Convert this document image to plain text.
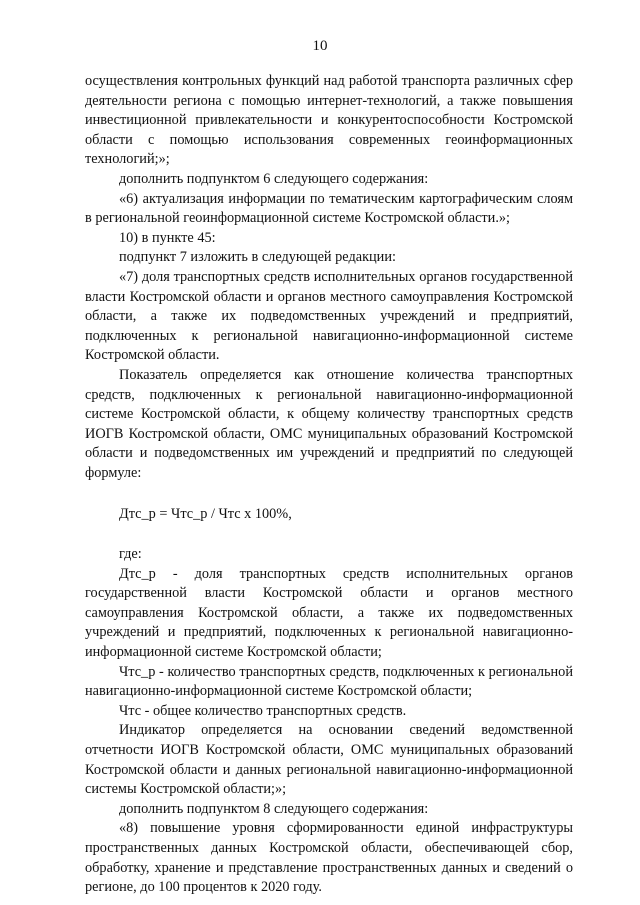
10

осуществления контрольных функций над работой транспорта различных сфер деятельности региона с помощью интернет-технологий, а также повышения инвестиционной привлекательности и конкурентоспособности Костромской области с помощью использования современных геоинформационных технологий;»;

дополнить подпунктом 6 следующего содержания:

«6) актуализация информации по тематическим картографическим слоям в региональной геоинформационной системе Костромской области.»;

10) в пункте 45:

подпункт 7 изложить в следующей редакции:

«7) доля транспортных средств исполнительных органов государственной власти Костромской области и органов местного самоуправления Костромской области, а также их подведомственных учреждений и предприятий, подключенных к региональной навигационно-информационной системе Костромской области.

Показатель определяется как отношение количества транспортных средств, подключенных к региональной навигационно-информационной системе Костромской области, к общему количеству транспортных средств ИОГВ Костромской области, ОМС муниципальных образований Костромской области и подведомственных им учреждений и предприятий по следующей формуле:

Дтс_р = Чтс_р / Чтс х 100%,

где:

Дтс_р - доля транспортных средств исполнительных органов государственной власти Костромской области и органов местного самоуправления Костромской области, а также их подведомственных учреждений и предприятий, подключенных к региональной навигационно-информационной системе Костромской области;

Чтс_р - количество транспортных средств, подключенных к региональной навигационно-информационной системе Костромской области;

Чтс - общее количество транспортных средств.

Индикатор определяется на основании сведений ведомственной отчетности ИОГВ Костромской области, ОМС муниципальных образований Костромской области и данных региональной навигационно-информационной системы Костромской области;»;

дополнить подпунктом 8 следующего содержания:

«8) повышение уровня сформированности единой инфраструктуры пространственных данных Костромской области, обеспечивающей сбор, обработку, хранение и представление пространственных данных и сведений о регионе, до 100 процентов к 2020 году.
